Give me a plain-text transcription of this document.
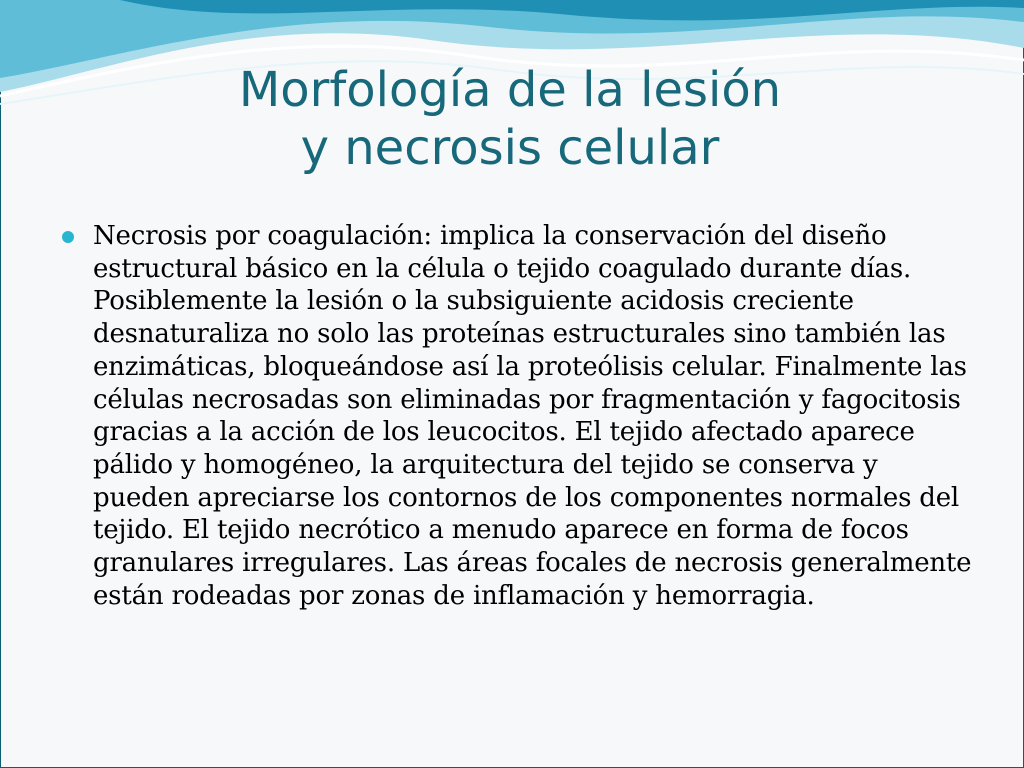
Morfología de la lesión
y necrosis celular

Necrosis por coagulación: implica la conservación del diseño estructural básico en la célula o tejido coagulado durante días. Posiblemente la lesión o la subsiguiente acidosis creciente desnaturaliza no solo las proteínas estructurales sino también las enzimáticas, bloqueándose así la proteólisis celular. Finalmente las células necrosadas son eliminadas por fragmentación y fagocitosis gracias a la acción de los leucocitos. El tejido afectado aparece pálido y homogéneo, la arquitectura del tejido se conserva y pueden apreciarse los contornos de los componentes normales del tejido. El tejido necrótico a menudo aparece en forma de focos granulares irregulares. Las áreas focales de necrosis generalmente están rodeadas por zonas de inflamación y hemorragia.
